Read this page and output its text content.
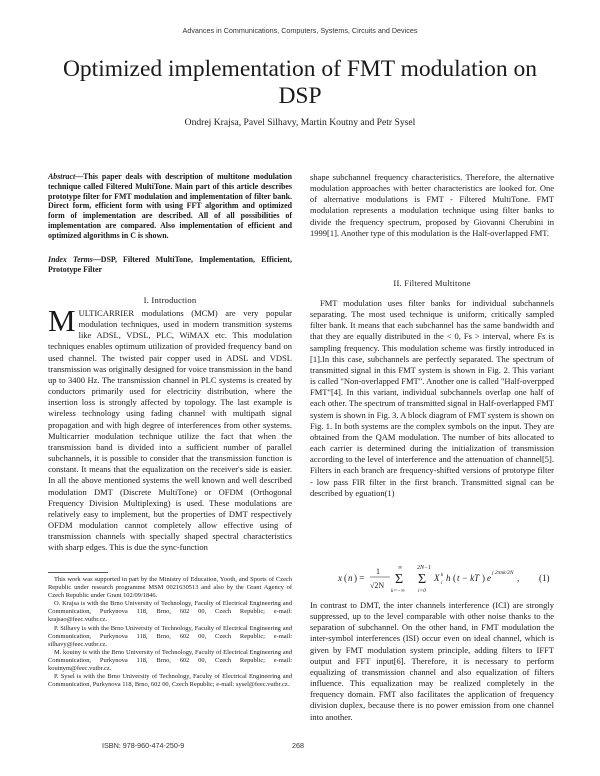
Advances in Communications, Computers, Systems, Circuits and Devices
Optimized implementation of FMT modulation on DSP
Ondrej Krajsa, Pavel Silhavy, Martin Koutny and Petr Sysel
Abstract—This paper deals with description of multitone modulation technique called Filtered MultiTone. Main part of this article describes prototype filter for FMT modulation and implementation of filter bank. Direct form, efficient form with using FFT algorithm and optimized form of implementation are described. All of all possibilities of implementation are compared. Also implementation of efficient and optimized algorithms in C is shown.
Index Terms—DSP, Filtered MultiTone, Implementation, Efficient, Prototype Filter
I. Introduction
MULTICARRIER modulations (MCM) are very popular modulation techniques, used in modern transmition systems like ADSL, VDSL, PLC, WiMAX etc. This modulation techniques enables optimum utilization of provided frequency band on used channel. The twisted pair copper used in ADSL and VDSL transmission was originally designed for voice transmission in the band up to 3400 Hz. The transmission channel in PLC systems is created by conductors primarily used for electricity distribution, where the insertion loss is strongly affected by topology. The last example is wireless technology using fading channel with multipath signal propagation and with high degree of interferences from other systems. Multicarrier modulation technique utilize the fact that when the transmission band is divided into a sufficient number of parallel subchannels, it is possible to consider that the transmission function is constant. It means that the equalization on the receiver's side is easier. In all the above mentioned systems the well known and well described modulation DMT (Discrete MultiTone) or OFDM (Orthogonal Frequency Division Multiplexing) is used. These modulations are relatively easy to implement, but the properties of DMT respectively OFDM modulation cannot completely allow effective using of transmission channels with specially shaped spectral characteristics with sharp edges. This is due the sync-function

This work was supported in part by the Ministry of Education, Yooth, and Sports of Czech Republic under research programme MSM 0021630513 and also by the Grant Agency of Czech Republic under Grant 102/09/1846.

O. Krajsa is with the Brno University of Technology, Faculty of Electrical Engineering and Communication, Purkynova 118, Brno, 602 00, Czech Republic; e-mail: krajsao@feec.vutbr.cz.

P. Silhavy is with the Brno University of Technology, Faculty of Electrical Engineering and Communication, Purkynova 118, Brno, 602 00, Czech Republic; e-mail: silhavy@feec.vutbr.cz.

M. koutny is with the Brno University of Technology, Faculty of Electrical Engineering and Communication, Purkynova 118, Brno, 602 00, Czech Republic; e-mail: koutnym@feec.vutbr.cz.

P. Sysel is with the Brno University of Technology, Faculty of Electrical Engineering and Communication, Purkynova 118, Brno, 602 00, Czech Republic; e-mail: sysel@feec.vutbr.cz.

shape subchannel frequency characteristics. Therefore, the alternative modulation approaches with better characteristics are looked for. One of alternative modulations is FMT - Filtered MultiTone. FMT modulation represents a modulation technique using filter banks to divide the frequency spectrum, proposed by Giovanni Cherubini in 1999[1]. Another type of this modulation is the Half-overlapped FMT.
II. Filtered Multitone

FMT modulation uses filter banks for individual subchannels separating. The most used technique is uniform, critically sampled filter bank. It means that each subchannel has the same bandwidth and that they are equally distributed in the < 0, Fs > interval, where Fs is sampling frequency. This modulation scheme was firstly introduced in [1].In this case, subchannels are perfectly separated. The spectrum of transmitted signal in this FMT system is shown in Fig. 2. This variant is called "Non-overlapped FMT". Another one is called "Half-overpped FMT"[4]. In this variant, individual subchannels overlap one half of each other. The spectrum of transmitted signal in Half-overlapped FMT system is shown in Fig. 3. A block diagram of FMT system is shown on Fig. 1. In both systems are the complex symbols on the input. They are obtained from the QAM modulation. The number of bits allocated to each carrier is determined during the initialization of transmission according to the level of interference and the attenuation of channel[5]. Filters in each branch are frequency-shifted versions of prototype filter - low pass FIR filter in the first branch. Transmitted signal can be described by eguation(1)

x ( n ) =
1
√2N
∞
Σ
k=−∞
2N−1
Σ
i=0
X k
i h ( t − kT ) e j 2πnk/2N , (1)
In contrast to DMT, the inter channels interference (ICI) are strongly suppressed, up to the level comparable with other noise thanks to the separation of subchannel. On the other hand, in FMT modulation the inter-symbol interferences (ISI) occur even on ideal channel, which is given by FMT modulation system principle, adding filters to IFFT output and FFT input[6]. Therefore, it is necessary to perform equalizing of transmission channel and also equalization of filters influence. This equalization may be realized completely in the frequency domain. FMT also facilitates the application of frequency division duplex, because there is no power emission from one channel into another.
ISBN: 978-960-474-250-9	268
